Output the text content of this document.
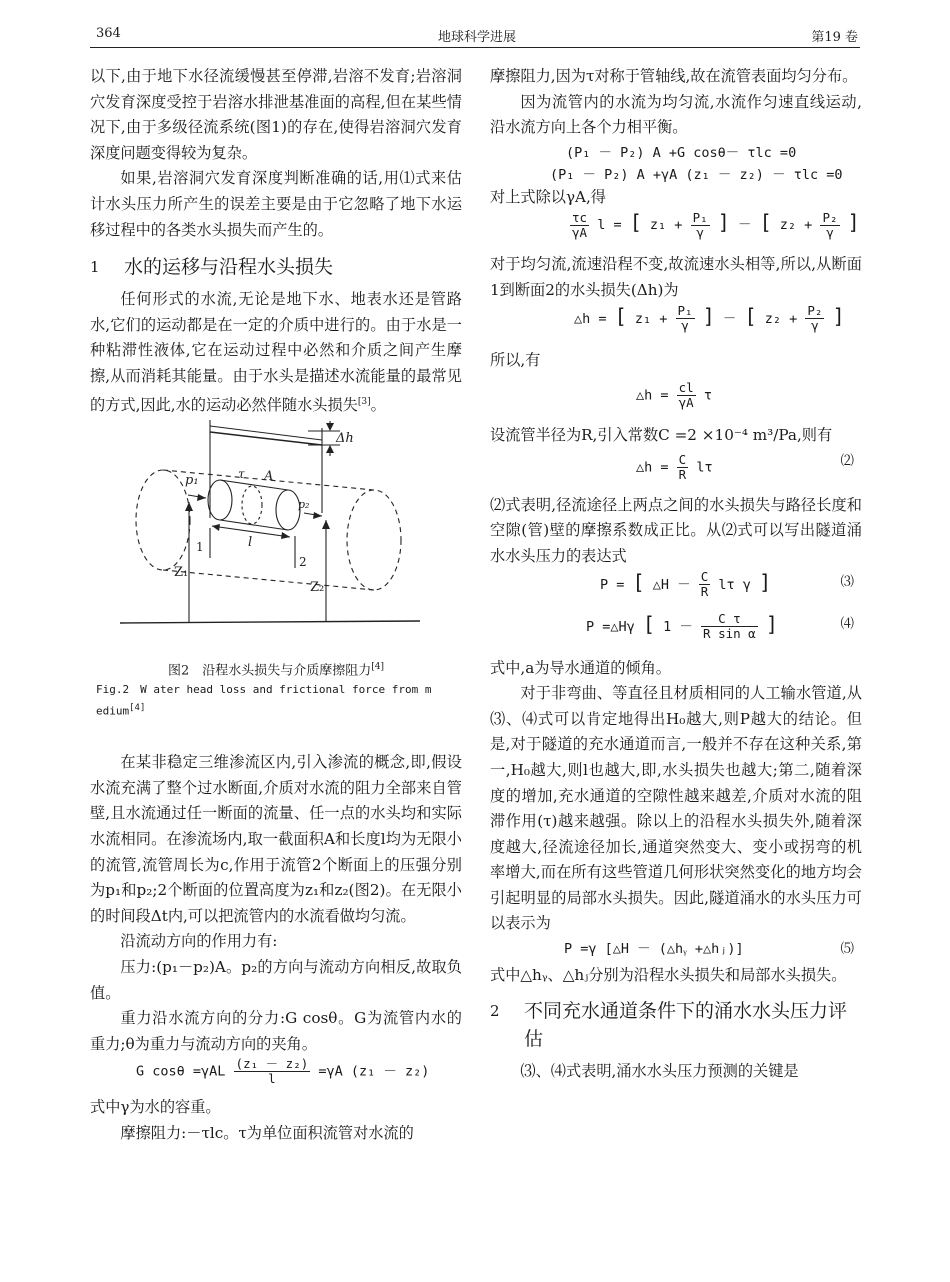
364	地球科学进展	第19 卷

以下,由于地下水径流缓慢甚至停滞,岩溶不发育;岩溶洞穴发育深度受控于岩溶水排泄基准面的高程,但在某些情况下,由于多级径流系统(图1)的存在,使得岩溶洞穴发育深度问题变得较为复杂。

如果,岩溶洞穴发育深度判断准确的话,用⑴式来估计水头压力所产生的误差主要是由于它忽略了地下水运移过程中的各类水头损失而产生的。

1	水的运移与沿程水头损失

任何形式的水流,无论是地下水、地表水还是管路水,它们的运动都是在一定的介质中进行的。由于水是一种粘滞性液体,它在运动过程中必然和介质之间产生摩擦,从而消耗其能量。由于水头是描述水流能量的最常见的方式,因此,水的运动必然伴随水头损失[3]。

Δh
p₁
p₂
A
τ
l
1
2
Z₁
Z₂
图2　沿程水头损失与介质摩擦阻力[4]
Fig.2　W ater head loss and frictional force from m edium[4]

在某非稳定三维渗流区内,引入渗流的概念,即,假设水流充满了整个过水断面,介质对水流的阻力全部来自管壁,且水流通过任一断面的流量、任一点的水头均和实际水流相同。在渗流场内,取一截面积A和长度l均为无限小的流管,流管周长为c,作用于流管2个断面上的压强分别为p₁和p₂;2个断面的位置高度为z₁和z₂(图2)。在无限小的时间段Δt内,可以把流管内的水流看做均匀流。

沿流动方向的作用力有:

压力:(p₁－p₂)A。p₂的方向与流动方向相反,故取负值。

重力沿水流方向的分力:G cosθ。G为流管内水的重力;θ为重力与流动方向的夹角。

G $\cos\theta =\gamma AL \frac{\text{(z₁ － z₂)}}{l} =\gamma A$ (z₁ － z₂)

式中γ为水的容重。

摩擦阻力:－τlc。τ为单位面积流管对水流的

摩擦阻力,因为τ对称于管轴线,故在流管表面均匀分布。

因为流管内的水流为均匀流,水流作匀速直线运动,沿水流方向上各个力相平衡。

(P₁ － P₂) A +G cosθ－ τlc =0
(P₁ － P₂) A +γA (z₁ － z₂) － τlc =0

对上式除以γA,得

$\frac{\tau c}{\gamma A}$ l = [ $z_1 + \frac{\text{P₁}}{\gamma}$ ] － [ $z_2 + \frac{\text{P₂}}{\gamma}$ ]

对于均匀流,流速沿程不变,故流速水头相等,所以,从断面1到断面2的水头损失(Δh)为

△h = [ $z_1 + \frac{\text{P₁}}{\gamma}$ ] － [ $z_2 + \frac{\text{P₂}}{\gamma}$ ]

所以,有

△h = $\frac{cl}{\gamma A}$ τ

设流管半径为R,引入常数C =2 ×10⁻⁴ m³/Pa,则有

△h = $\frac{C}{R}$ lτ	⑵

⑵式表明,径流途径上两点之间的水头损失与路径长度和空隙(管)壁的摩擦系数成正比。从⑵式可以写出隧道涌水水头压力的表达式

P = [ △H － $\frac{C}{R}$ lτ γ ]	⑶
P =△Hγ [ $1 - \frac{\text{C τ}}{\text{R sin α}}$ ]	⑷

式中,a为导水通道的倾角。

对于非弯曲、等直径且材质相同的人工输水管道,从⑶、⑷式可以肯定地得出H₀越大,则P越大的结论。但是,对于隧道的充水通道而言,一般并不存在这种关系,第一,H₀越大,则l也越大,即,水头损失也越大;第二,随着深度的增加,充水通道的空隙性越来越差,介质对水流的阻滞作用(τ)越来越强。除以上的沿程水头损失外,随着深度越大,径流途径加长,通道突然变大、变小或拐弯的机率增大,而在所有这些管道几何形状突然变化的地方均会引起明显的局部水头损失。因此,隧道涌水的水头压力可以表示为

P =γ [△H － (△hᵧ +△hⱼ)]	⑸

式中△hᵧ、△hⱼ分别为沿程水头损失和局部水头损失。

2	不同充水通道条件下的涌水水头压力评估

⑶、⑷式表明,涌水水头压力预测的关键是
